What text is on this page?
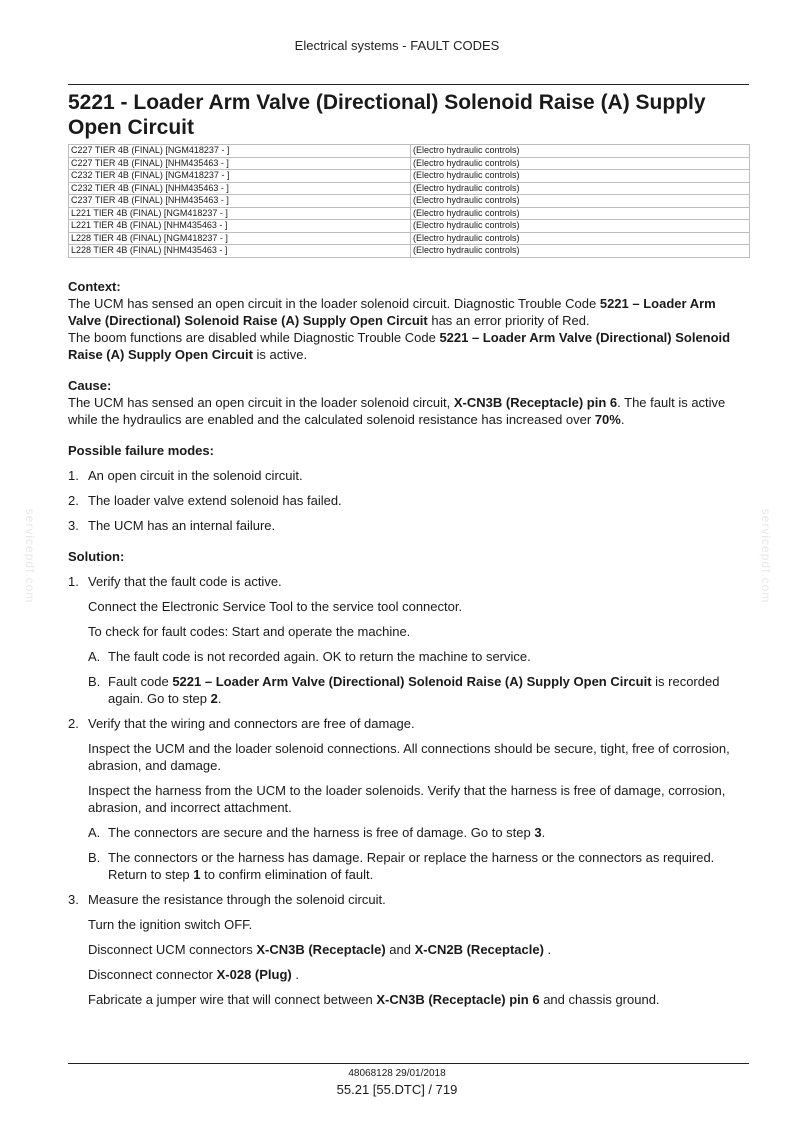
Electrical systems - FAULT CODES
5221 - Loader Arm Valve (Directional) Solenoid Raise (A) Supply Open Circuit
C227 TIER 4B (FINAL) [NGM418237 - ]	(Electro hydraulic controls)
C227 TIER 4B (FINAL) [NHM435463 - ]	(Electro hydraulic controls)
C232 TIER 4B (FINAL) [NGM418237 - ]	(Electro hydraulic controls)
C232 TIER 4B (FINAL) [NHM435463 - ]	(Electro hydraulic controls)
C237 TIER 4B (FINAL) [NHM435463 - ]	(Electro hydraulic controls)
L221 TIER 4B (FINAL) [NGM418237 - ]	(Electro hydraulic controls)
L221 TIER 4B (FINAL) [NHM435463 - ]	(Electro hydraulic controls)
L228 TIER 4B (FINAL) [NGM418237 - ]	(Electro hydraulic controls)
L228 TIER 4B (FINAL) [NHM435463 - ]	(Electro hydraulic controls)
servicepdf.com	servicepdf.com

Context:

The UCM has sensed an open circuit in the loader solenoid circuit. Diagnostic Trouble Code 5221 – Loader Arm Valve (Directional) Solenoid Raise (A) Supply Open Circuit has an error priority of Red.

The boom functions are disabled while Diagnostic Trouble Code 5221 – Loader Arm Valve (Directional) Solenoid Raise (A) Supply Open Circuit is active.

Cause:

The UCM has sensed an open circuit in the loader solenoid circuit, X-CN3B (Receptacle) pin 6. The fault is active while the hydraulics are enabled and the calculated solenoid resistance has increased over 70%.

Possible failure modes:

1. An open circuit in the solenoid circuit.

2. The loader valve extend solenoid has failed.

3. The UCM has an internal failure.

Solution:

1. Verify that the fault code is active.

Connect the Electronic Service Tool to the service tool connector.

To check for fault codes: Start and operate the machine.

A. The fault code is not recorded again. OK to return the machine to service.

B. Fault code 5221 – Loader Arm Valve (Directional) Solenoid Raise (A) Supply Open Circuit is recorded again. Go to step 2.

2. Verify that the wiring and connectors are free of damage.

Inspect the UCM and the loader solenoid connections. All connections should be secure, tight, free of corrosion, abrasion, and damage.

Inspect the harness from the UCM to the loader solenoids. Verify that the harness is free of damage, corrosion, abrasion, and incorrect attachment.

A. The connectors are secure and the harness is free of damage. Go to step 3.

B. The connectors or the harness has damage. Repair or replace the harness or the connectors as required. Return to step 1 to confirm elimination of fault.

3. Measure the resistance through the solenoid circuit.

Turn the ignition switch OFF.

Disconnect UCM connectors X-CN3B (Receptacle) and X-CN2B (Receptacle) .

Disconnect connector X-028 (Plug) .

Fabricate a jumper wire that will connect between X-CN3B (Receptacle) pin 6 and chassis ground.

48068128 29/01/2018
55.21 [55.DTC] / 719
